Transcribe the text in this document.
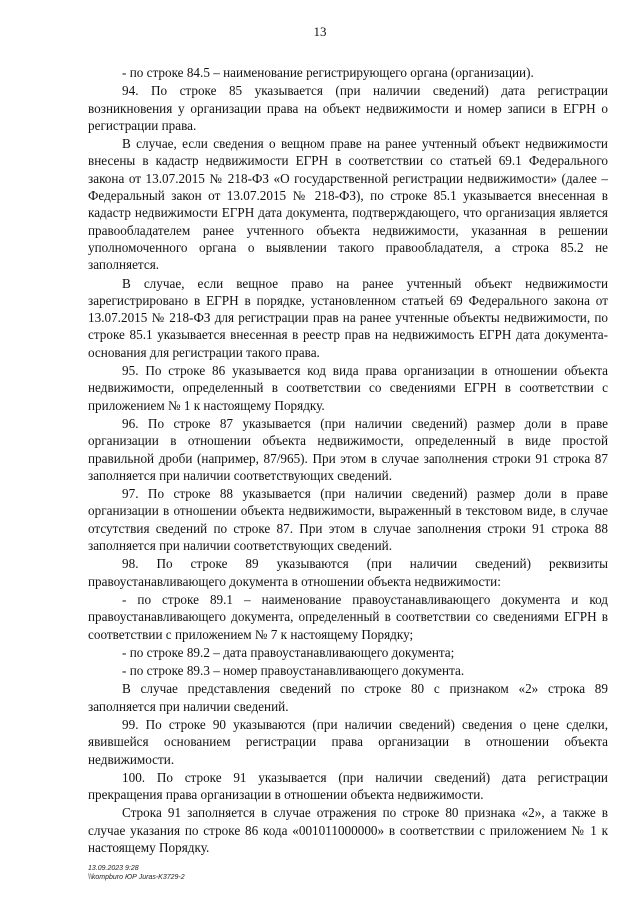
13

- по строке 84.5 – наименование регистрирующего органа (организации).

94. По строке 85 указывается (при наличии сведений) дата регистрации возникновения у организации права на объект недвижимости и номер записи в ЕГРН о регистрации права.

В случае, если сведения о вещном праве на ранее учтенный объект недвижимости внесены в кадастр недвижимости ЕГРН в соответствии со статьей 69.1 Федерального закона от 13.07.2015 № 218-ФЗ «О государственной регистрации недвижимости» (далее – Федеральный закон от 13.07.2015 № 218-ФЗ), по строке 85.1 указывается внесенная в кадастр недвижимости ЕГРН дата документа, подтверждающего, что организация является правообладателем ранее учтенного объекта недвижимости, указанная в решении уполномоченного органа о выявлении такого правообладателя, а строка 85.2 не заполняется.

В случае, если вещное право на ранее учтенный объект недвижимости зарегистрировано в ЕГРН в порядке, установленном статьей 69 Федерального закона от 13.07.2015 № 218-ФЗ для регистрации прав на ранее учтенные объекты недвижимости, по строке 85.1 указывается внесенная в реестр прав на недвижимость ЕГРН дата документа-основания для регистрации такого права.

95. По строке 86 указывается код вида права организации в отношении объекта недвижимости, определенный в соответствии со сведениями ЕГРН в соответствии с приложением № 1 к настоящему Порядку.

96. По строке 87 указывается (при наличии сведений) размер доли в праве организации в отношении объекта недвижимости, определенный в виде простой правильной дроби (например, 87/965). При этом в случае заполнения строки 91 строка 87 заполняется при наличии соответствующих сведений.

97. По строке 88 указывается (при наличии сведений) размер доли в праве организации в отношении объекта недвижимости, выраженный в текстовом виде, в случае отсутствия сведений по строке 87. При этом в случае заполнения строки 91 строка 88 заполняется при наличии соответствующих сведений.

98. По строке 89 указываются (при наличии сведений) реквизиты правоустанавливающего документа в отношении объекта недвижимости:

- по строке 89.1 – наименование правоустанавливающего документа и код правоустанавливающего документа, определенный в соответствии со сведениями ЕГРН в соответствии с приложением № 7 к настоящему Порядку;

- по строке 89.2 – дата правоустанавливающего документа;

- по строке 89.3 – номер правоустанавливающего документа.

В случае представления сведений по строке 80 с признаком «2» строка 89 заполняется при наличии сведений.

99. По строке 90 указываются (при наличии сведений) сведения о цене сделки, явившейся основанием регистрации права организации в отношении объекта недвижимости.

100. По строке 91 указывается (при наличии сведений) дата регистрации прекращения права организации в отношении объекта недвижимости.

Строка 91 заполняется в случае отражения по строке 80 признака «2», а также в случае указания по строке 86 кода «001011000000» в соответствии с приложением № 1 к настоящему Порядку.

13.09.2023 9:28
\\kompburo ЮР Juras-K3729-2
